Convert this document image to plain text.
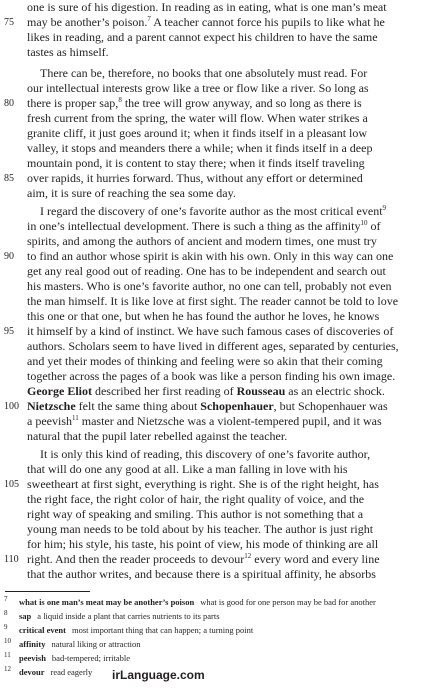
one is sure of his digestion. In reading as in eating, what is one man’s meat
75	may be another’s poison.$^7$ A teacher cannot force his pupils to like what he
likes in reading, and a parent cannot expect his children to have the same
tastes as himself.
There can be, therefore, no books that one absolutely must read. For
our intellectual interests grow like a tree or flow like a river. So long as
80	there is proper sap,$^8$ the tree will grow anyway, and so long as there is
fresh current from the spring, the water will flow. When water strikes a
granite cliff, it just goes around it; when it finds itself in a pleasant low
valley, it stops and meanders there a while; when it finds itself in a deep
mountain pond, it is content to stay there; when it finds itself traveling
85	over rapids, it hurries forward. Thus, without any effort or determined
aim, it is sure of reaching the sea some day.
I regard the discovery of one’s favorite author as the most critical event$^9$
in one’s intellectual development. There is such a thing as the affinity$^{10}$ of
spirits, and among the authors of ancient and modern times, one must try
90	to find an author whose spirit is akin with his own. Only in this way can one
get any real good out of reading. One has to be independent and search out
his masters. Who is one’s favorite author, no one can tell, probably not even
the man himself. It is like love at first sight. The reader cannot be told to love
this one or that one, but when he has found the author he loves, he knows
95	it himself by a kind of instinct. We have such famous cases of discoveries of
authors. Scholars seem to have lived in different ages, separated by centuries,
and yet their modes of thinking and feeling were so akin that their coming
together across the pages of a book was like a person finding his own image.
George Eliot described her first reading of Rousseau as an electric shock.
100 Nietzsche felt the same thing about Schopenhauer, but Schopenhauer was
a peevish$^{11}$ master and Nietzsche was a violent-tempered pupil, and it was
natural that the pupil later rebelled against the teacher.
It is only this kind of reading, this discovery of one’s favorite author,
that will do one any good at all. Like a man falling in love with his
105 sweetheart at first sight, everything is right. She is of the right height, has
the right face, the right color of hair, the right quality of voice, and the
right way of speaking and smiling. This author is not something that a
young man needs to be told about by his teacher. The author is just right
for him; his style, his taste, his point of view, his mode of thinking are all
110 right. And then the reader proceeds to devour$^{12}$ every word and every line
that the author writes, and because there is a spiritual affinity, he absorbs
7 what is one man’s meat may be another’s poison what is good for one person may be bad for another
8 sap a liquid inside a plant that carries nutrients to its parts
9 critical event most important thing that can happen; a turning point
10 affinity natural liking or attraction
11 peevish bad-tempered; irritable
12 devour read eagerly irLanguage.com
